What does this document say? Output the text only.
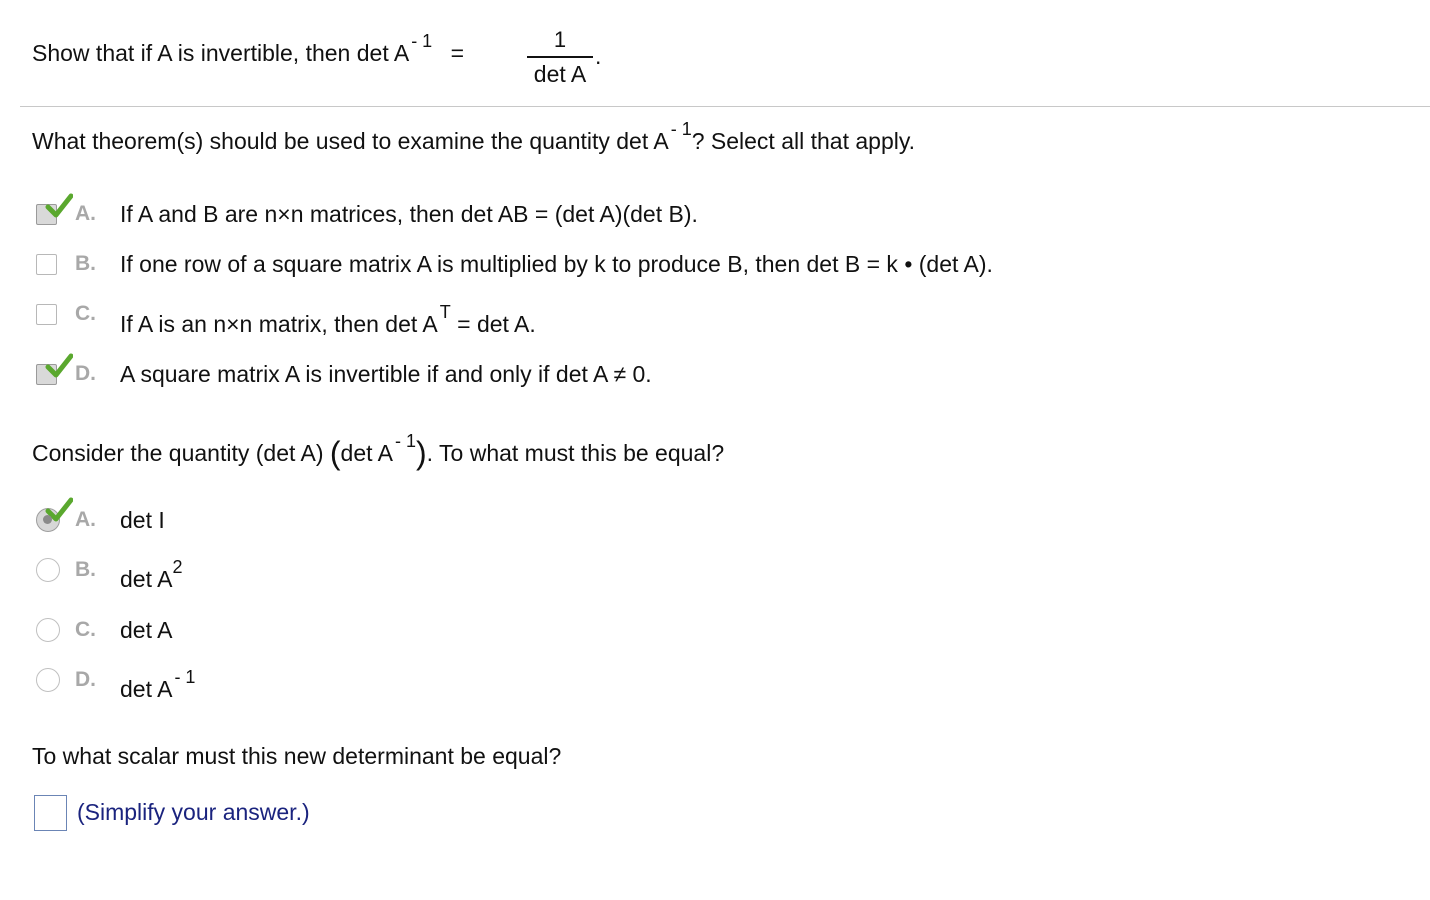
Show that if A is invertible, then det A $^{- 1}$ =
1
det A
.
What theorem(s) should be used to examine the quantity det A $^{- 1}$? Select all that apply.
A. If A and B are n×n matrices, then det AB = (det A)(det B).
B. If one row of a square matrix A is multiplied by k to produce B, then det B = k • (det A).
C. If A is an n×n matrix, then det A $^T$ = det A.
D. A square matrix A is invertible if and only if det A ≠ 0.
Consider the quantity (det A) (det A $^{- 1}$). To what must this be equal?
A. det I
B. $\det A^2$
C. det A
D. det A $^{- 1}$
To what scalar must this new determinant be equal?
(Simplify your answer.)
